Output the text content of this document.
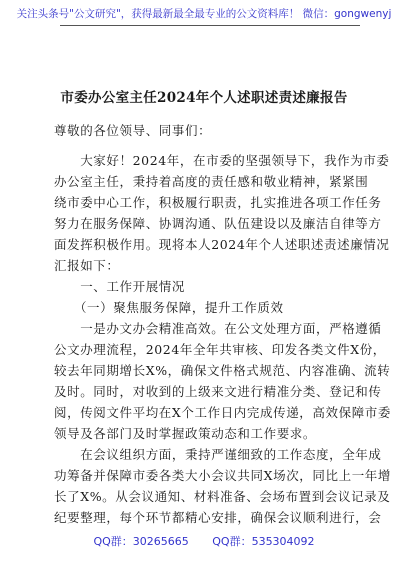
关注头条号"公文研究"，获得最新最全最专业的公文资料库！ 微信：gongwenyj
市委办公室主任2024年个人述职述责述廉报告
尊敬的各位领导、同事们：
　　大家好！2024年，在市委的坚强领导下，我作为市委
办公室主任，秉持着高度的责任感和敬业精神，紧紧围
绕市委中心工作，积极履行职责，扎实推进各项工作任务
努力在服务保障、协调沟通、队伍建设以及廉洁自律等方
面发挥积极作用。现将本人2024年个人述职述责述廉情况
汇报如下：
　　一、工作开展情况
　　（一）聚焦服务保障，提升工作质效
　　一是办文办会精准高效。在公文处理方面，严格遵循
公文办理流程，2024年全年共审核、印发各类文件X份，
较去年同期增长X%，确保文件格式规范、内容准确、流转
及时。同时，对收到的上级来文进行精准分类、登记和传
阅，传阅文件平均在X个工作日内完成传递，高效保障市委
领导及各部门及时掌握政策动态和工作要求。
　　在会议组织方面，秉持严谨细致的工作态度，全年成
功筹备并保障市委各类大小会议共同X场次，同比上一年增
长了X%。从会议通知、材料准备、会场布置到会议记录及
纪要整理，每个环节都精心安排，确保会议顺利进行，会
QQ群：30265665 QQ群：535304092
